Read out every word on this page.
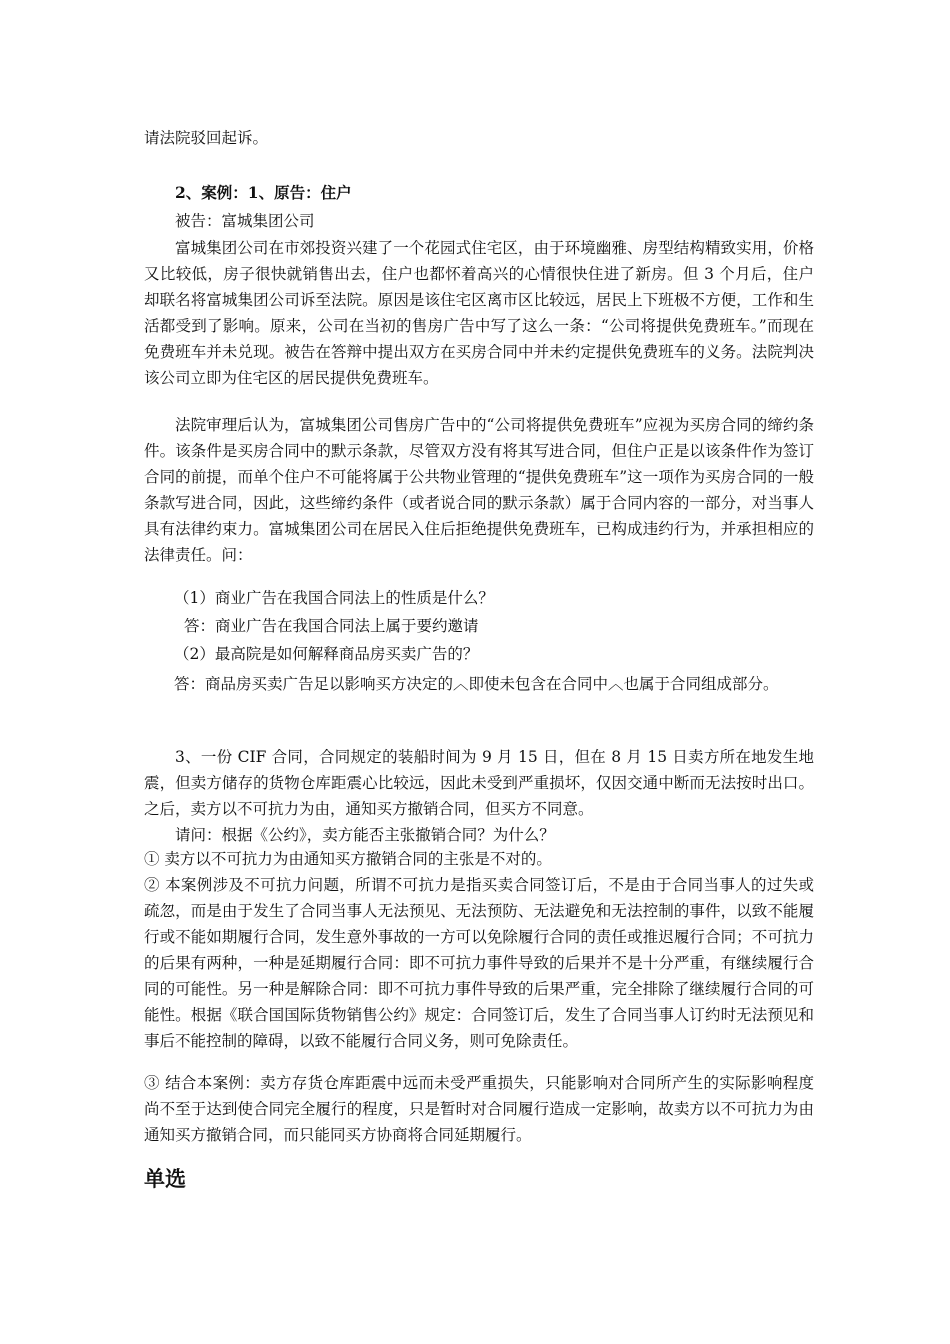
请法院驳回起诉。

2、案例：1、原告：住户

被告：富城集团公司

富城集团公司在市郊投资兴建了一个花园式住宅区，由于环境幽雅、房型结构精致实用，价格又比较低，房子很快就销售出去，住户也都怀着高兴的心情很快住进了新房。但 3 个月后，住户却联名将富城集团公司诉至法院。原因是该住宅区离市区比较远，居民上下班极不方便，工作和生活都受到了影响。原来，公司在当初的售房广告中写了这么一条：“公司将提供免费班车。”而现在免费班车并未兑现。被告在答辩中提出双方在买房合同中并未约定提供免费班车的义务。法院判决该公司立即为住宅区的居民提供免费班车。

法院审理后认为，富城集团公司售房广告中的“公司将提供免费班车”应视为买房合同的缔约条件。该条件是买房合同中的默示条款，尽管双方没有将其写进合同，但住户正是以该条件作为签订合同的前提，而单个住户不可能将属于公共物业管理的“提供免费班车”这一项作为买房合同的一般条款写进合同，因此，这些缔约条件（或者说合同的默示条款）属于合同内容的一部分，对当事人具有法律约束力。富城集团公司在居民入住后拒绝提供免费班车，已构成违约行为，并承担相应的法律责任。问：

（1）商业广告在我国合同法上的性质是什么？

答：商业广告在我国合同法上属于要约邀请

（2）最高院是如何解释商品房买卖广告的？

答：商品房买卖广告足以影响买方决定的︿即使未包含在合同中︿也属于合同组成部分。

3、一份 CIF 合同，合同规定的装船时间为 9 月 15 日，但在 8 月 15 日卖方所在地发生地震，但卖方储存的货物仓库距震心比较远，因此未受到严重损坏，仅因交通中断而无法按时出口。之后，卖方以不可抗力为由，通知买方撤销合同，但买方不同意。

请问：根据《公约》，卖方能否主张撤销合同？为什么？

① 卖方以不可抗力为由通知买方撤销合同的主张是不对的。

② 本案例涉及不可抗力问题，所谓不可抗力是指买卖合同签订后，不是由于合同当事人的过失或疏忽，而是由于发生了合同当事人无法预见、无法预防、无法避免和无法控制的事件，以致不能履行或不能如期履行合同，发生意外事故的一方可以免除履行合同的责任或推迟履行合同；不可抗力的后果有两种，一种是延期履行合同：即不可抗力事件导致的后果并不是十分严重，有继续履行合同的可能性。另一种是解除合同：即不可抗力事件导致的后果严重，完全排除了继续履行合同的可能性。根据《联合国国际货物销售公约》规定：合同签订后，发生了合同当事人订约时无法预见和事后不能控制的障碍，以致不能履行合同义务，则可免除责任。

③ 结合本案例：卖方存货仓库距震中远而未受严重损失，只能影响对合同所产生的实际影响程度尚不至于达到使合同完全履行的程度，只是暂时对合同履行造成一定影响，故卖方以不可抗力为由通知买方撤销合同，而只能同买方协商将合同延期履行。

单选
